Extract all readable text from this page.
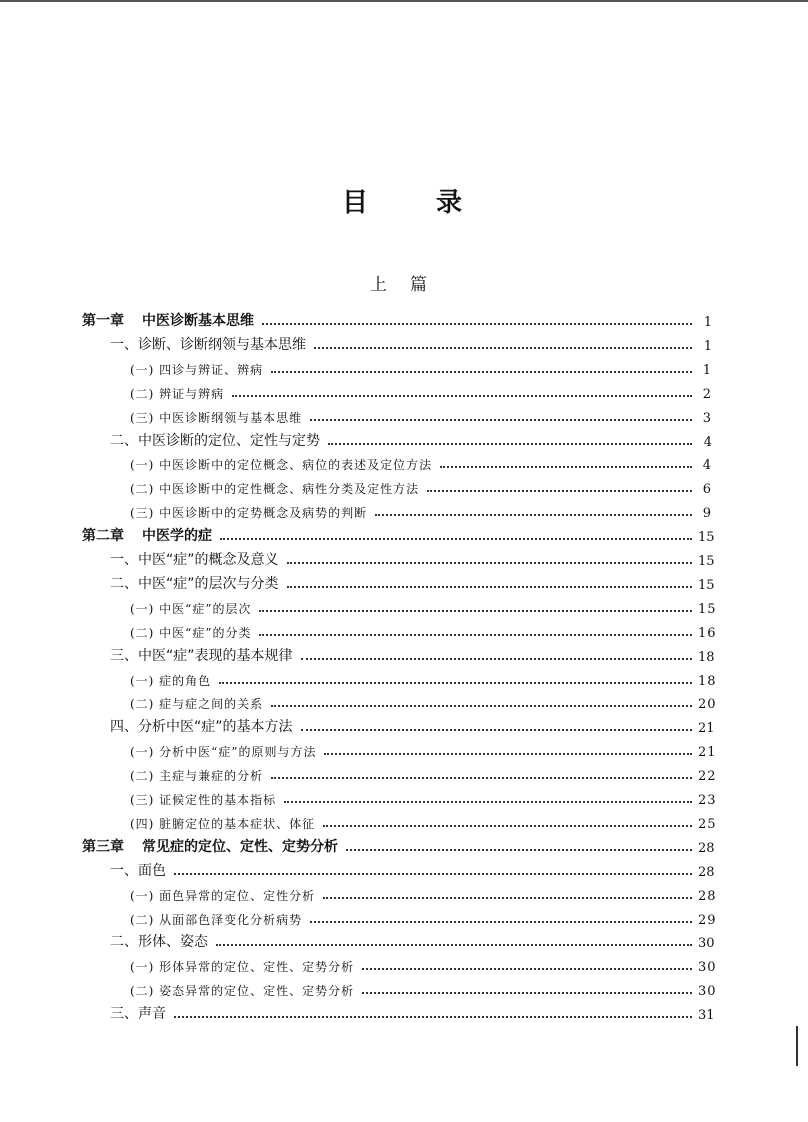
目	录
上 篇
第一章 中医诊断基本思维	1
一、诊断、诊断纲领与基本思维	1
(一) 四诊与辨证、辨病	1
(二) 辨证与辨病	2
(三) 中医诊断纲领与基本思维	3
二、中医诊断的定位、定性与定势	4
(一) 中医诊断中的定位概念、病位的表述及定位方法	4
(二) 中医诊断中的定性概念、病性分类及定性方法	6
(三) 中医诊断中的定势概念及病势的判断	9
第二章 中医学的症	15
一、中医“症”的概念及意义	15
二、中医“症”的层次与分类	15
(一) 中医“症”的层次	15
(二) 中医“症”的分类	16
三、中医“症”表现的基本规律	18
(一) 症的角色	18
(二) 症与症之间的关系	20
四、分析中医“症”的基本方法	21
(一) 分析中医“症”的原则与方法	21
(二) 主症与兼症的分析	22
(三) 证候定性的基本指标	23
(四) 脏腑定位的基本症状、体征	25
第三章 常见症的定位、定性、定势分析	28
一、面色	28
(一) 面色异常的定位、定性分析	28
(二) 从面部色泽变化分析病势	29
二、形体、姿态	30
(一) 形体异常的定位、定性、定势分析	30
(二) 姿态异常的定位、定性、定势分析	30
三、声音	31
